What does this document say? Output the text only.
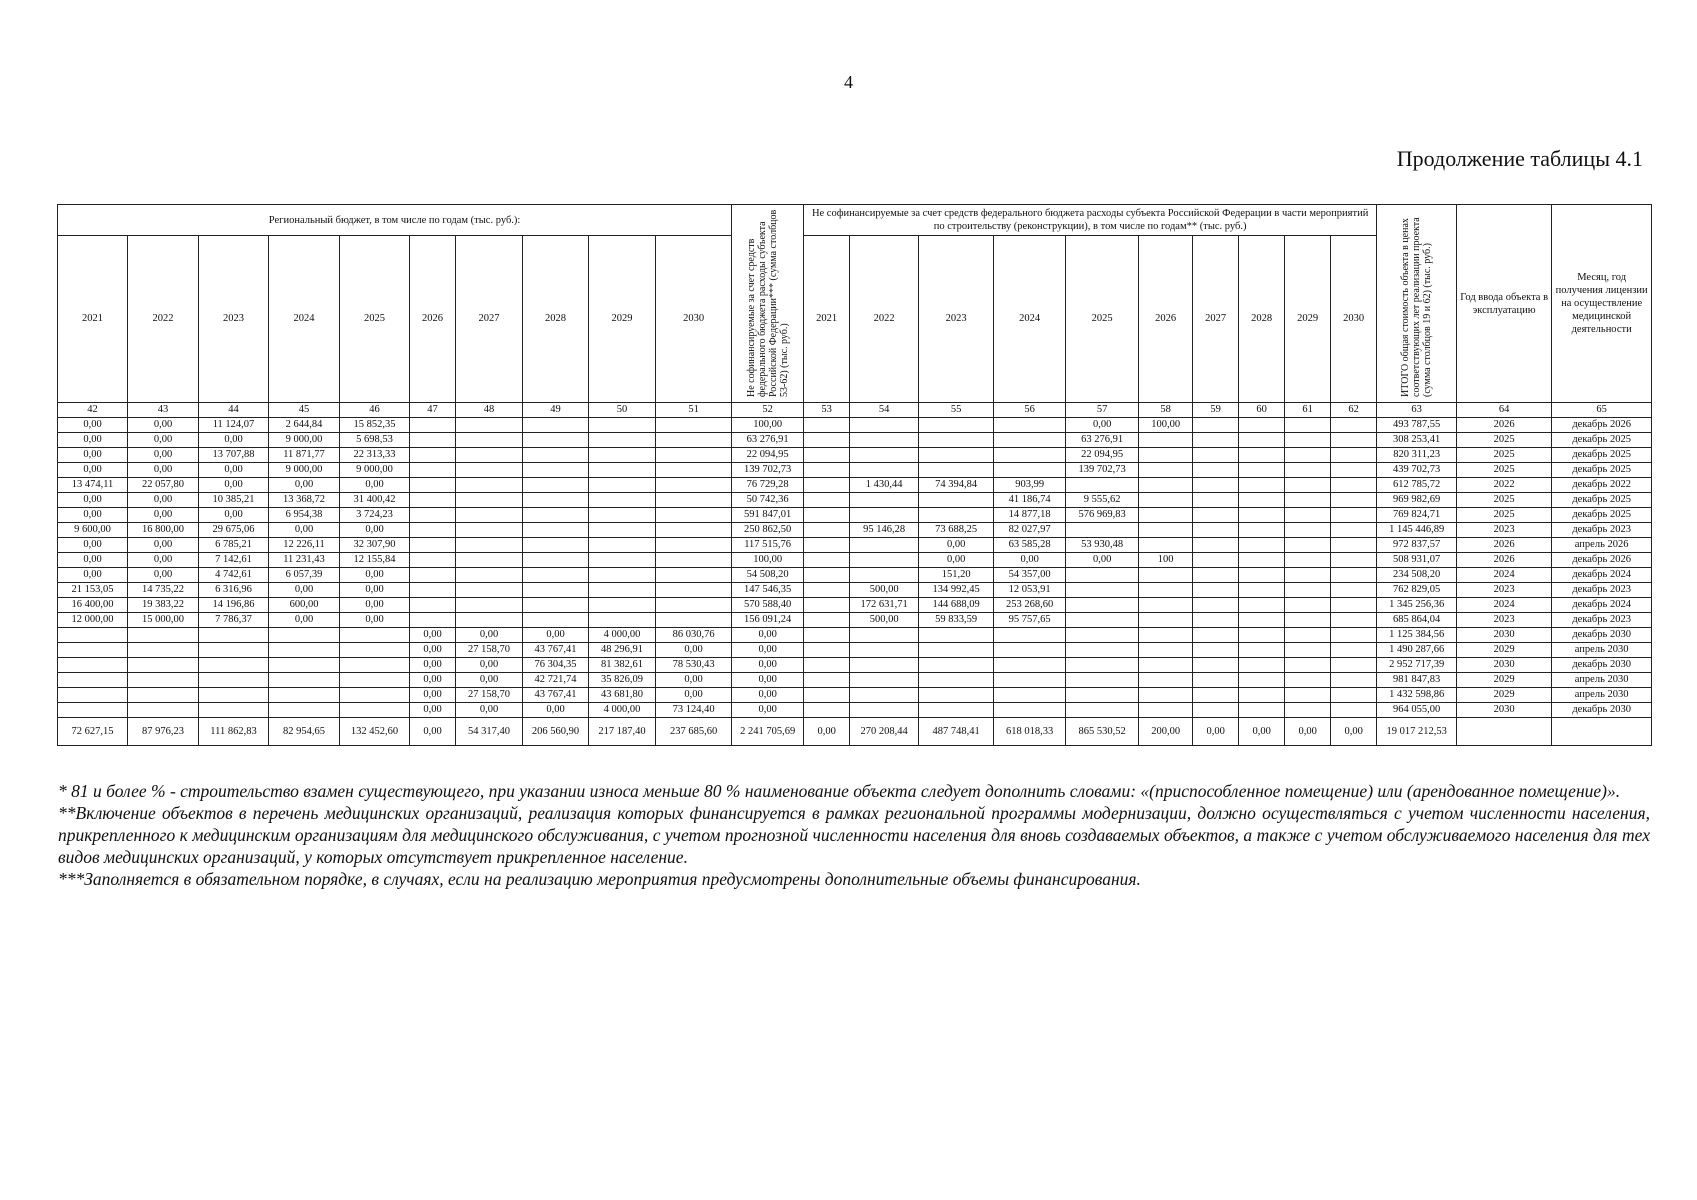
4
Продолжение таблицы 4.1
Региональный бюджет, в том числе по годам (тыс. руб.):										Не софинансируемые за счет средств федерального бюджета расходы субъекта Российской Федерации*** (сумма столбцов 53-62) (тыс. руб.)	Не софинансируемые за счет средств федерального бюджета расходы субъекта Российской Федерации в части мероприятий по строительству (реконструкции), в том числе по годам** (тыс. руб.)										ИТОГО общая стоимость объекта в ценах соответствующих лет реализации проекта (сумма столбцов 19 и 62) (тыс. руб.)	Год ввода объекта в эксплуатацию	Месяц, год получения лицензии на осуществление медицинской деятельности
2021	2022	2023	2024	2025	2026	2027	2028	2029	2030		2021	2022	2023	2024	2025	2026	2027	2028	2029	2030			
42	43	44	45	46	47	48	49	50	51	52	53	54	55	56	57	58	59	60	61	62	63	64	65
0,00	0,00	11 124,07	2 644,84	15 852,35						100,00					0,00	100,00					493 787,55	2026	декабрь 2026
0,00	0,00	0,00	9 000,00	5 698,53						63 276,91					63 276,91						308 253,41	2025	декабрь 2025
0,00	0,00	13 707,88	11 871,77	22 313,33						22 094,95					22 094,95						820 311,23	2025	декабрь 2025
0,00	0,00	0,00	9 000,00	9 000,00						139 702,73					139 702,73						439 702,73	2025	декабрь 2025
13 474,11	22 057,80	0,00	0,00	0,00						76 729,28		1 430,44	74 394,84	903,99							612 785,72	2022	декабрь 2022
0,00	0,00	10 385,21	13 368,72	31 400,42						50 742,36				41 186,74	9 555,62						969 982,69	2025	декабрь 2025
0,00	0,00	0,00	6 954,38	3 724,23						591 847,01				14 877,18	576 969,83						769 824,71	2025	декабрь 2025
9 600,00	16 800,00	29 675,06	0,00	0,00						250 862,50		95 146,28	73 688,25	82 027,97							1 145 446,89	2023	декабрь 2023
0,00	0,00	6 785,21	12 226,11	32 307,90						117 515,76			0,00	63 585,28	53 930,48						972 837,57	2026	апрель 2026
0,00	0,00	7 142,61	11 231,43	12 155,84						100,00			0,00	0,00	0,00	100					508 931,07	2026	декабрь 2026
0,00	0,00	4 742,61	6 057,39	0,00						54 508,20			151,20	54 357,00							234 508,20	2024	декабрь 2024
21 153,05	14 735,22	6 316,96	0,00	0,00						147 546,35		500,00	134 992,45	12 053,91							762 829,05	2023	декабрь 2023
16 400,00	19 383,22	14 196,86	600,00	0,00						570 588,40		172 631,71	144 688,09	253 268,60							1 345 256,36	2024	декабрь 2024
12 000,00	15 000,00	7 786,37	0,00	0,00						156 091,24		500,00	59 833,59	95 757,65							685 864,04	2023	декабрь 2023
					0,00	0,00	0,00	4 000,00	86 030,76	0,00											1 125 384,56	2030	декабрь 2030
					0,00	27 158,70	43 767,41	48 296,91	0,00	0,00											1 490 287,66	2029	апрель 2030
					0,00	0,00	76 304,35	81 382,61	78 530,43	0,00											2 952 717,39	2030	декабрь 2030
					0,00	0,00	42 721,74	35 826,09	0,00	0,00											981 847,83	2029	апрель 2030
					0,00	27 158,70	43 767,41	43 681,80	0,00	0,00											1 432 598,86	2029	апрель 2030
					0,00	0,00	0,00	4 000,00	73 124,40	0,00											964 055,00	2030	декабрь 2030
72 627,15	87 976,23	111 862,83	82 954,65	132 452,60	0,00	54 317,40	206 560,90	217 187,40	237 685,60	2 241 705,69	0,00	270 208,44	487 748,41	618 018,33	865 530,52	200,00	0,00	0,00	0,00	0,00	19 017 212,53		

* 81 и более % - строительство взамен существующего, при указании износа меньше 80 % наименование объекта следует дополнить словами: «(приспособленное помещение) или (арендованное помещение)».

**Включение объектов в перечень медицинских организаций, реализация которых финансируется в рамках региональной программы модернизации, должно осуществляться с учетом численности населения, прикрепленного к медицинским организациям для медицинского обслуживания, с учетом прогнозной численности населения для вновь создаваемых объектов, а также с учетом обслуживаемого населения для тех видов медицинских организаций, у которых отсутствует прикрепленное население.

***Заполняется в обязательном порядке, в случаях, если на реализацию мероприятия предусмотрены дополнительные объемы финансирования.
